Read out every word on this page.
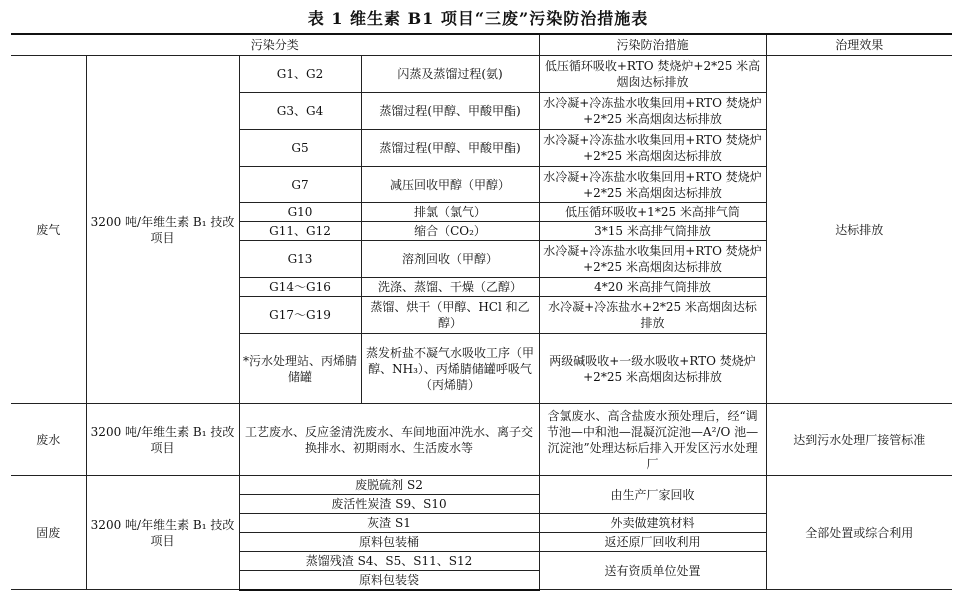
表 1 维生素 B1 项目“三废”污染防治措施表
污染分类				污染防治措施	治理效果
废气	3200 吨/年维生素 B₁ 技改项目	G1、G2	闪蒸及蒸馏过程(氨)	低压循环吸收+RTO 焚烧炉+2*25 米高烟囱达标排放	达标排放
		G3、G4	蒸馏过程(甲醇、甲酸甲酯)	水冷凝+冷冻盐水收集回用+RTO 焚烧炉+2*25 米高烟囱达标排放	
		G5	蒸馏过程(甲醇、甲酸甲酯)	水冷凝+冷冻盐水收集回用+RTO 焚烧炉+2*25 米高烟囱达标排放	
		G7	减压回收甲醇（甲醇）	水冷凝+冷冻盐水收集回用+RTO 焚烧炉+2*25 米高烟囱达标排放	
		G10	排氯（氯气）	低压循环吸收+1*25 米高排气筒	
		G11、G12	缩合（CO₂）	3*15 米高排气筒排放	
		G13	溶剂回收（甲醇）	水冷凝+冷冻盐水收集回用+RTO 焚烧炉+2*25 米高烟囱达标排放	
		G14～G16	洗涤、蒸馏、干燥（乙醇）	4*20 米高排气筒排放	
		G17～G19	蒸馏、烘干（甲醇、HCl 和乙醇）	水冷凝+冷冻盐水+2*25 米高烟囱达标排放	
		*污水处理站、丙烯腈储罐	蒸发析盐不凝气水吸收工序（甲醇、NH₃）、丙烯腈储罐呼吸气（丙烯腈）	两级碱吸收+一级水吸收+RTO 焚烧炉+2*25 米高烟囱达标排放	
废水	3200 吨/年维生素 B₁ 技改项目	工艺废水、反应釜清洗废水、车间地面冲洗水、离子交换排水、初期雨水、生活废水等		含氯废水、高含盐废水预处理后，经“调节池—中和池—混凝沉淀池—A²/O 池—沉淀池”处理达标后排入开发区污水处理厂	达到污水处理厂接管标准
固废	3200 吨/年维生素 B₁ 技改项目	废脱硫剂 S2		由生产厂家回收	全部处置或综合利用
		废活性炭渣 S9、S10			
		灰渣 S1		外卖做建筑材料	
		原料包装桶		返还原厂回收利用	
		蒸馏残渣 S4、S5、S11、S12		送有资质单位处置	
		原料包装袋			
